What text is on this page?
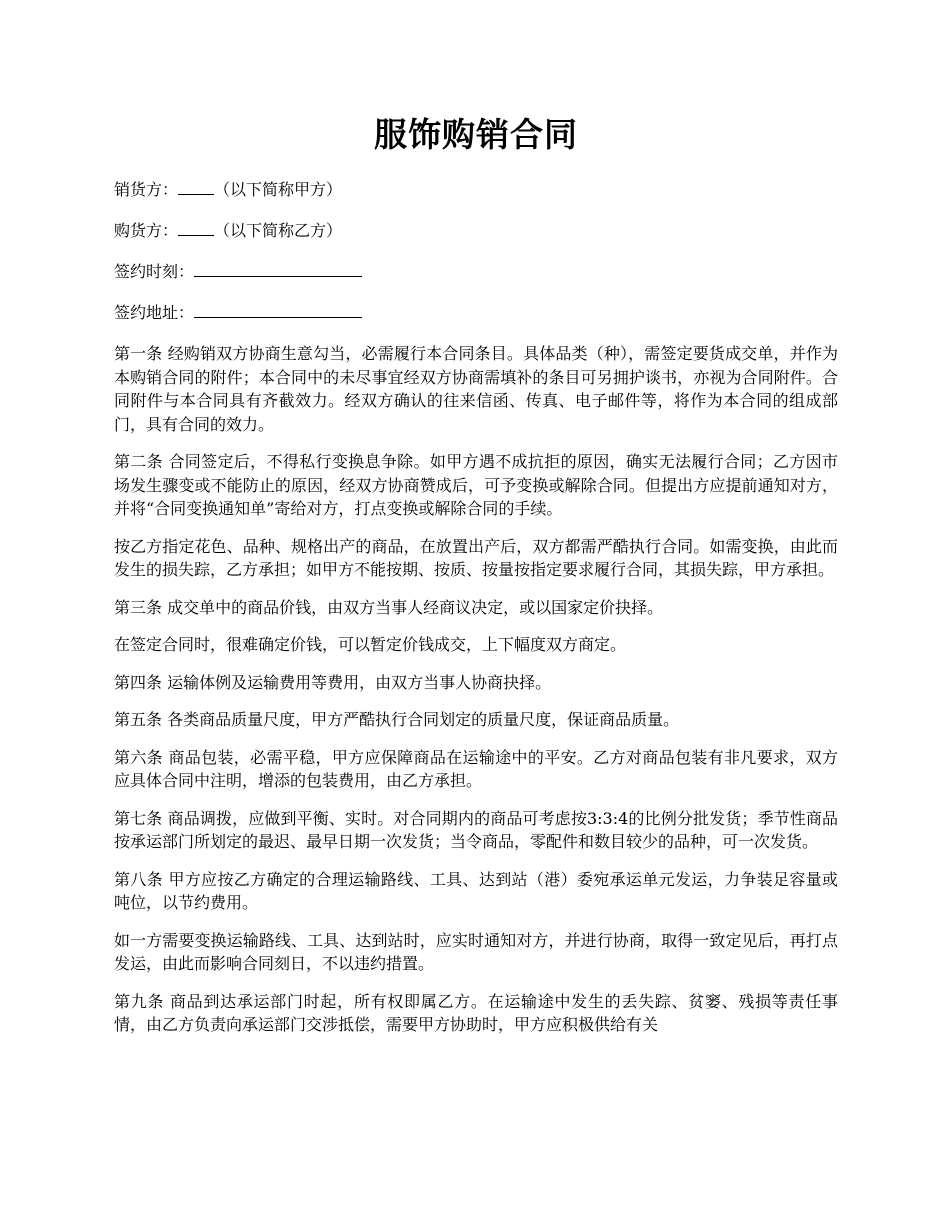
服饰购销合同
销货方： （以下简称甲方）
购货方： （以下简称乙方）
签约时刻：
签约地址：

第一条 经购销双方协商生意勾当，必需履行本合同条目。具体品类（种），需签定要货成交单，并作为本购销合同的附件；本合同中的未尽事宜经双方协商需填补的条目可另拥护谈书，亦视为合同附件。合同附件与本合同具有齐截效力。经双方确认的往来信函、传真、电子邮件等，将作为本合同的组成部门，具有合同的效力。

第二条 合同签定后，不得私行变换息争除。如甲方遇不成抗拒的原因，确实无法履行合同；乙方因市场发生骤变或不能防止的原因，经双方协商赞成后，可予变换或解除合同。但提出方应提前通知对方，并将“合同变换通知单”寄给对方，打点变换或解除合同的手续。

按乙方指定花色、品种、规格出产的商品，在放置出产后，双方都需严酷执行合同。如需变换，由此而发生的损失踪，乙方承担；如甲方不能按期、按质、按量按指定要求履行合同，其损失踪，甲方承担。

第三条 成交单中的商品价钱，由双方当事人经商议决定，或以国家定价抉择。

在签定合同时，很难确定价钱，可以暂定价钱成交，上下幅度双方商定。

第四条 运输体例及运输费用等费用，由双方当事人协商抉择。

第五条 各类商品质量尺度，甲方严酷执行合同划定的质量尺度，保证商品质量。

第六条 商品包装，必需平稳，甲方应保障商品在运输途中的平安。乙方对商品包装有非凡要求，双方应具体合同中注明，增添的包装费用，由乙方承担。

第七条 商品调拨，应做到平衡、实时。对合同期内的商品可考虑按3:3:4的比例分批发货；季节性商品按承运部门所划定的最迟、最早日期一次发货；当令商品，零配件和数目较少的品种，可一次发货。

第八条 甲方应按乙方确定的合理运输路线、工具、达到站（港）委宛承运单元发运，力争装足容量或吨位，以节约费用。

如一方需要变换运输路线、工具、达到站时，应实时通知对方，并进行协商，取得一致定见后，再打点发运，由此而影响合同刻日，不以违约措置。

第九条 商品到达承运部门时起，所有权即属乙方。在运输途中发生的丢失踪、贫窭、残损等责任事情，由乙方负责向承运部门交涉抵偿，需要甲方协助时，甲方应积极供给有关
